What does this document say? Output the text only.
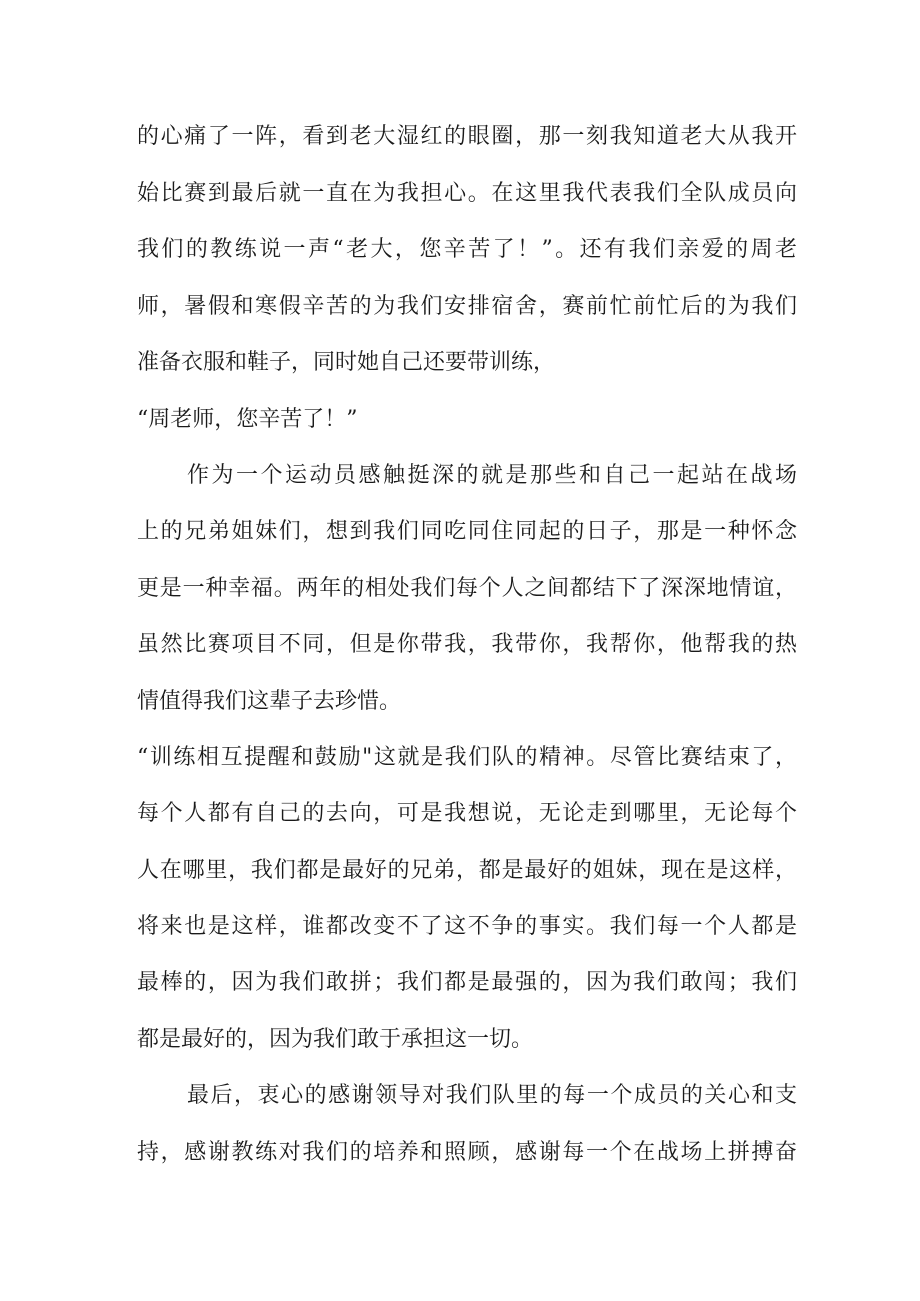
的心痛了一阵，看到老大湿红的眼圈，那一刻我知道老大从我开
始比赛到最后就一直在为我担心。在这里我代表我们全队成员向
我们的教练说一声“老大，您辛苦了！”。还有我们亲爱的周老
师，暑假和寒假辛苦的为我们安排宿舍，赛前忙前忙后的为我们
准备衣服和鞋子，同时她自己还要带训练，
“周老师，您辛苦了！”
作为一个运动员感触挺深的就是那些和自己一起站在战场
上的兄弟姐妹们，想到我们同吃同住同起的日子，那是一种怀念
更是一种幸福。两年的相处我们每个人之间都结下了深深地情谊，
虽然比赛项目不同，但是你带我，我带你，我帮你，他帮我的热
情值得我们这辈子去珍惜。
“训练相互提醒和鼓励"这就是我们队的精神。尽管比赛结束了，
每个人都有自己的去向，可是我想说，无论走到哪里，无论每个
人在哪里，我们都是最好的兄弟，都是最好的姐妹，现在是这样，
将来也是这样，谁都改变不了这不争的事实。我们每一个人都是
最棒的，因为我们敢拼；我们都是最强的，因为我们敢闯；我们
都是最好的，因为我们敢于承担这一切。
最后，衷心的感谢领导对我们队里的每一个成员的关心和支
持，感谢教练对我们的培养和照顾，感谢每一个在战场上拼搏奋
